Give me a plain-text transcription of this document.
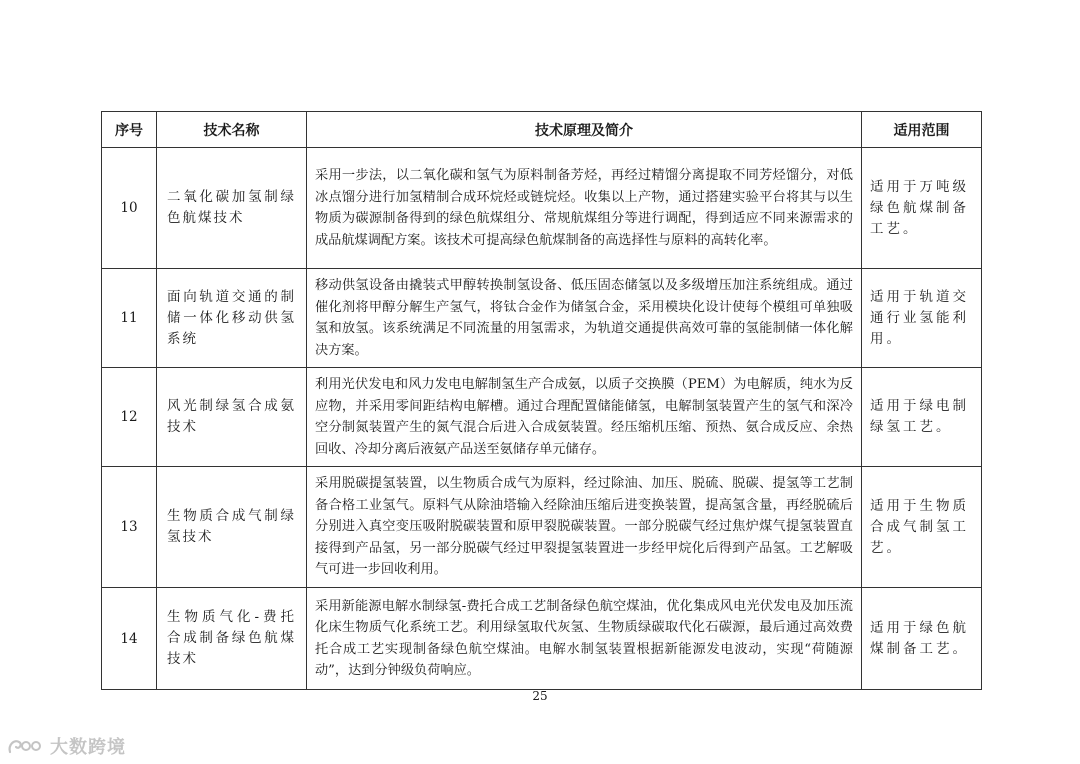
序号	技术名称	技术原理及简介	适用范围
10	二氧化碳加氢制绿色航煤技术	采用一步法，以二氧化碳和氢气为原料制备芳烃，再经过精馏分离提取不同芳烃馏分，对低冰点馏分进行加氢精制合成环烷烃或链烷烃。收集以上产物，通过搭建实验平台将其与以生物质为碳源制备得到的绿色航煤组分、常规航煤组分等进行调配，得到适应不同来源需求的成品航煤调配方案。该技术可提高绿色航煤制备的高选择性与原料的高转化率。	适用于万吨级绿色航煤制备工艺。
11	面向轨道交通的制储一体化移动供氢系统	移动供氢设备由撬装式甲醇转换制氢设备、低压固态储氢以及多级增压加注系统组成。通过催化剂将甲醇分解生产氢气，将钛合金作为储氢合金，采用模块化设计使每个模组可单独吸氢和放氢。该系统满足不同流量的用氢需求，为轨道交通提供高效可靠的氢能制储一体化解决方案。	适用于轨道交通行业氢能利用。
12	风光制绿氢合成氨技术	利用光伏发电和风力发电电解制氢生产合成氨，以质子交换膜（PEM）为电解质，纯水为反应物，并采用零间距结构电解槽。通过合理配置储能储氢，电解制氢装置产生的氢气和深冷空分制氮装置产生的氮气混合后进入合成氨装置。经压缩机压缩、预热、氨合成反应、余热回收、冷却分离后液氨产品送至氨储存单元储存。	适用于绿电制绿氢工艺。
13	生物质合成气制绿氢技术	采用脱碳提氢装置，以生物质合成气为原料，经过除油、加压、脱硫、脱碳、提氢等工艺制备合格工业氢气。原料气从除油塔输入经除油压缩后进变换装置，提高氢含量，再经脱硫后分别进入真空变压吸附脱碳装置和原甲裂脱碳装置。一部分脱碳气经过焦炉煤气提氢装置直接得到产品氢，另一部分脱碳气经过甲裂提氢装置进一步经甲烷化后得到产品氢。工艺解吸气可进一步回收利用。	适用于生物质合成气制氢工艺。
14	生物质气化-费托合成制备绿色航煤技术	采用新能源电解水制绿氢-费托合成工艺制备绿色航空煤油，优化集成风电光伏发电及加压流化床生物质气化系统工艺。利用绿氢取代灰氢、生物质绿碳取代化石碳源，最后通过高效费托合成工艺实现制备绿色航空煤油。电解水制氢装置根据新能源发电波动，实现“荷随源动”，达到分钟级负荷响应。	适用于绿色航煤制备工艺。
25
大数跨境
